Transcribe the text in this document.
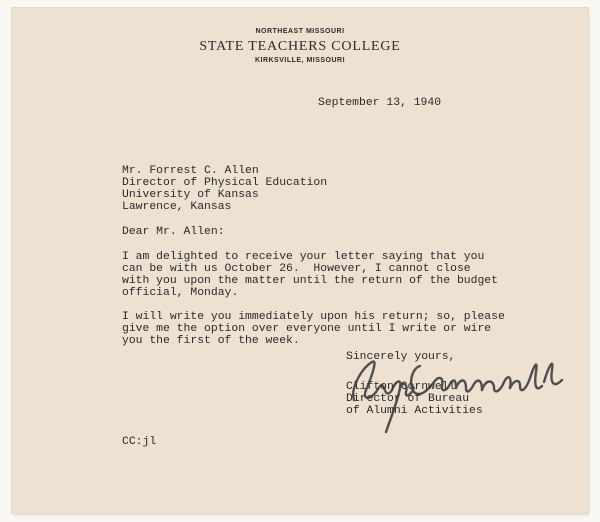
NORTHEAST MISSOURI
STATE TEACHERS COLLEGE
KIRKSVILLE, MISSOURI
September 13, 1940
Mr. Forrest C. Allen
Director of Physical Education
University of Kansas
Lawrence, Kansas
Dear Mr. Allen:
I am delighted to receive your letter saying that you
can be with us October 26.  However, I cannot close
with you upon the matter until the return of the budget
official, Monday.
I will write you immediately upon his return; so, please
give me the option over everyone until I write or wire
you the first of the week.
Sincerely yours,
Clifton Cornwell
Director of Bureau
of Alumni Activities
CC:jl
